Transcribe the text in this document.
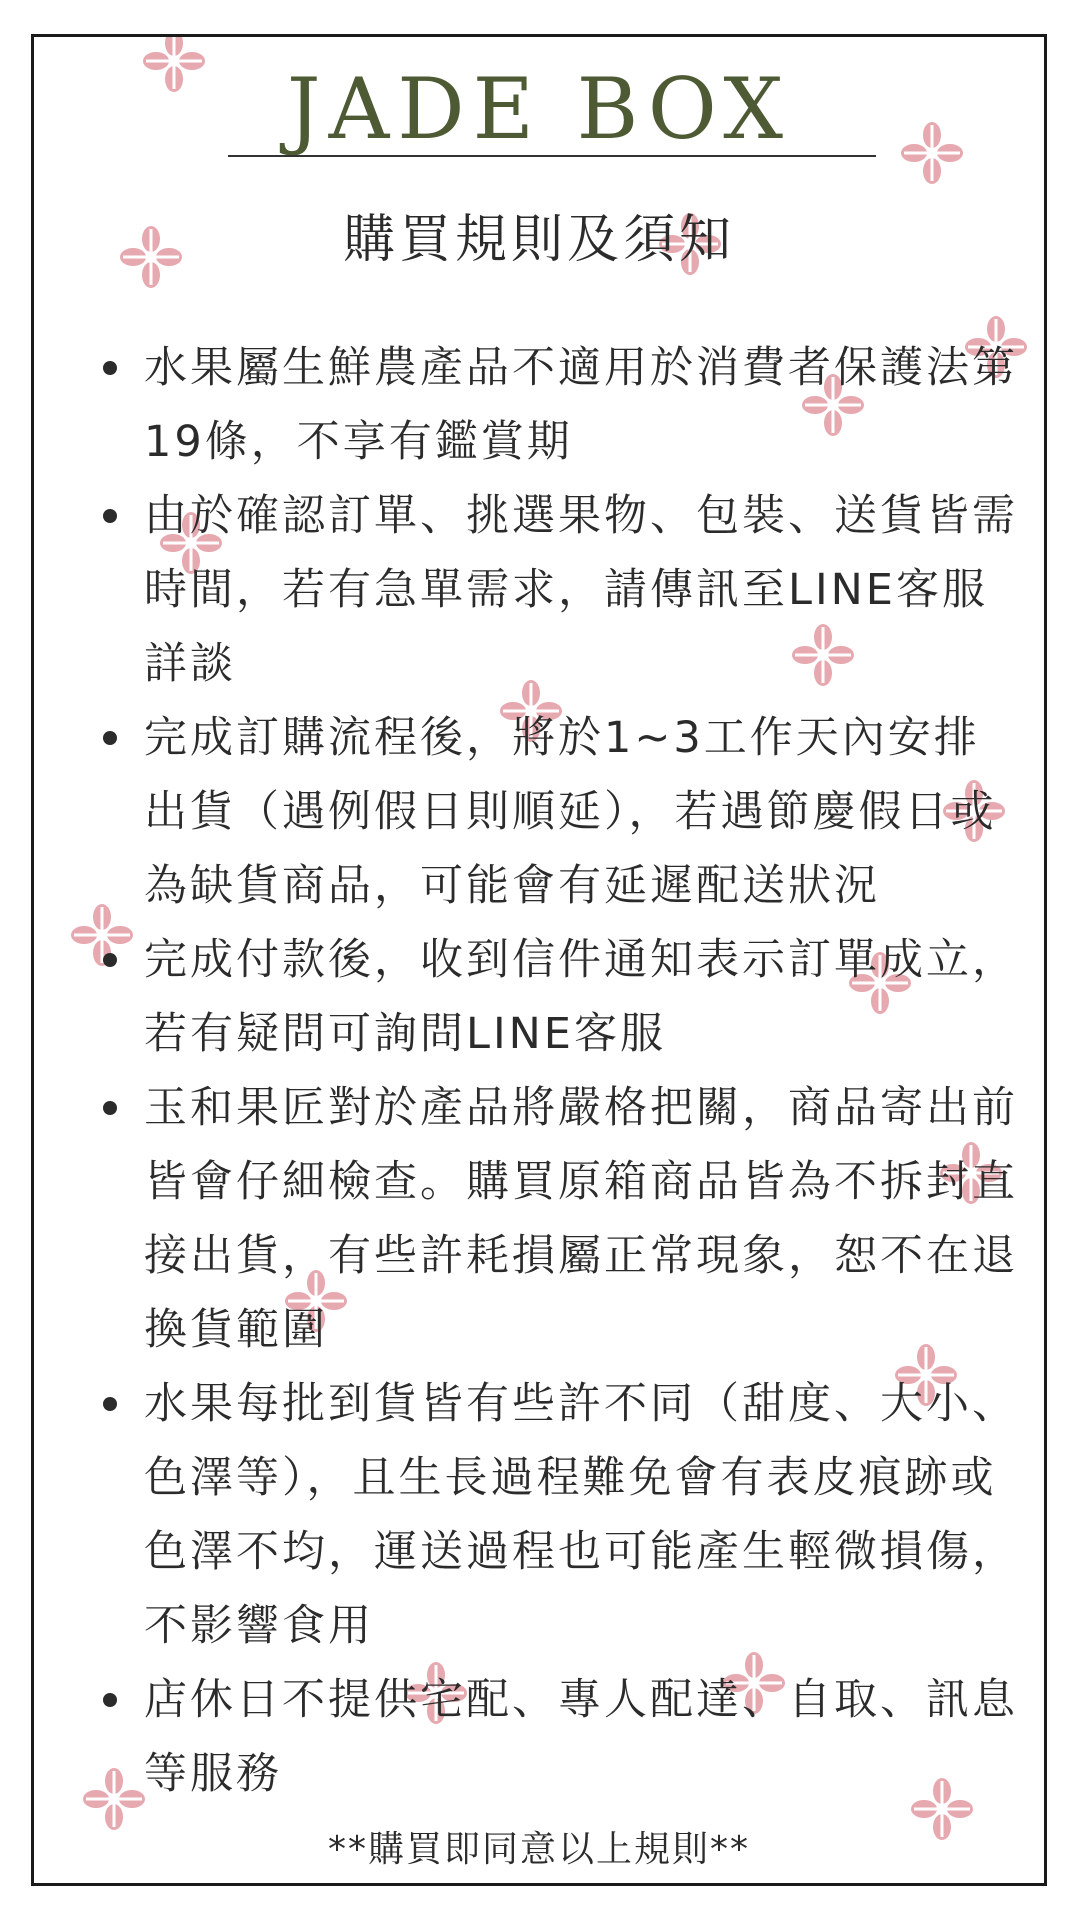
JADE BOX
購買規則及須知
水果屬生鮮農產品不適用於消費者保護法第19條，不享有鑑賞期
由於確認訂單、挑選果物、包裝、送貨皆需時間，若有急單需求，請傳訊至LINE客服詳談
完成訂購流程後，將於1~3工作天內安排出貨（遇例假日則順延），若遇節慶假日或為缺貨商品，可能會有延遲配送狀況
完成付款後，收到信件通知表示訂單成立，若有疑問可詢問LINE客服
玉和果匠對於產品將嚴格把關，商品寄出前皆會仔細檢查。購買原箱商品皆為不拆封直接出貨，有些許耗損屬正常現象，恕不在退換貨範圍
水果每批到貨皆有些許不同（甜度、大小、色澤等），且生長過程難免會有表皮痕跡或色澤不均，運送過程也可能產生輕微損傷，不影響食用
店休日不提供宅配、專人配達、自取、訊息等服務
**購買即同意以上規則**
